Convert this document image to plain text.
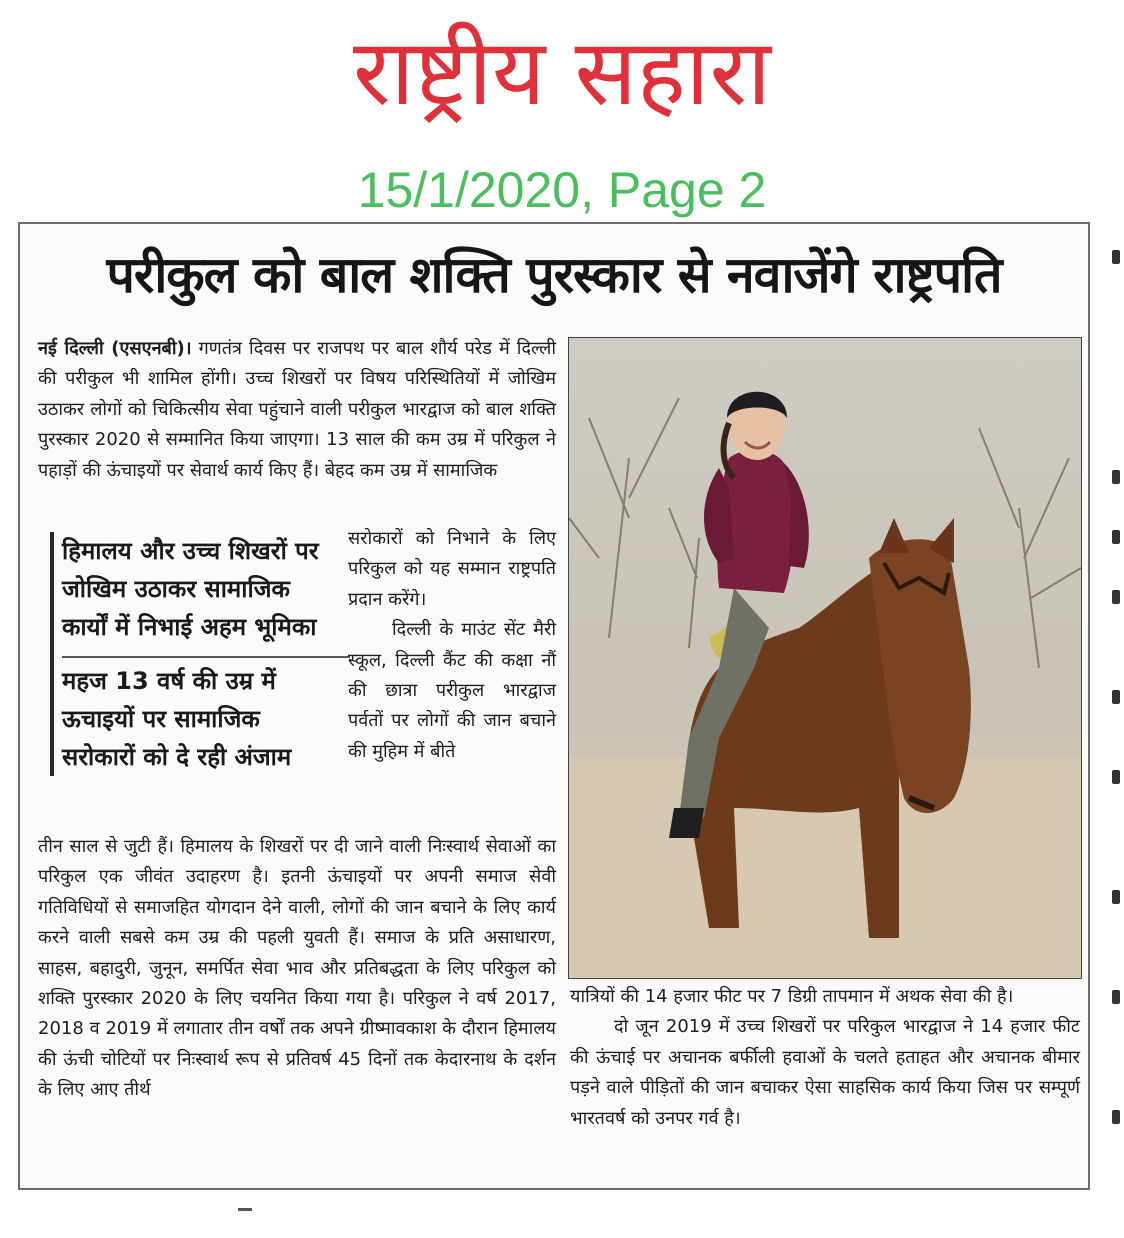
राष्ट्रीय सहारा
15/1/2020, Page 2
परीकुल को बाल शक्ति पुरस्कार से नवाजेंगे राष्ट्रपति

नई दिल्ली (एसएनबी)। गणतंत्र दिवस पर राजपथ पर बाल शौर्य परेड में दिल्ली की परीकुल भी शामिल होंगी। उच्च शिखरों पर विषय परिस्थितियों में जोखिम उठाकर लोगों को चिकित्सीय सेवा पहुंचाने वाली परीकुल भारद्वाज को बाल शक्ति पुरस्कार 2020 से सम्मानित किया जाएगा। 13 साल की कम उम्र में परिकुल ने पहाड़ों की ऊंचाइयों पर सेवार्थ कार्य किए हैं। बेहद कम उम्र में सामाजिक

हिमालय और उच्च शिखरों पर जोखिम उठाकर सामाजिक कार्यों में निभाई अहम भूमिका
महज 13 वर्ष की उम्र में ऊचाइयों पर सामाजिक सरोकारों को दे रही अंजाम

सरोकारों को निभाने के लिए परिकुल को यह सम्मान राष्ट्रपति प्रदान करेंगे।

दिल्ली के माउंट सेंट मैरी स्कूल, दिल्ली कैंट की कक्षा नौं की छात्रा परीकुल भारद्वाज पर्वतों पर लोगों की जान बचाने की मुहिम में बीते

तीन साल से जुटी हैं। हिमालय के शिखरों पर दी जाने वाली निःस्वार्थ सेवाओं का परिकुल एक जीवंत उदाहरण है। इतनी ऊंचाइयों पर अपनी समाज सेवी गतिविधियों से समाजहित योगदान देने वाली, लोगों की जान बचाने के लिए कार्य करने वाली सबसे कम उम्र की पहली युवती हैं। समाज के प्रति असाधारण, साहस, बहादुरी, जुनून, समर्पित सेवा भाव और प्रतिबद्धता के लिए परिकुल को शक्ति पुरस्कार 2020 के लिए चयनित किया गया है। परिकुल ने वर्ष 2017, 2018 व 2019 में लगातार तीन वर्षों तक अपने ग्रीष्मावकाश के दौरान हिमालय की ऊंची चोटियों पर निःस्वार्थ रूप से प्रतिवर्ष 45 दिनों तक केदारनाथ के दर्शन के लिए आए तीर्थ

यात्रियों की 14 हजार फीट पर 7 डिग्री तापमान में अथक सेवा की है।

दो जून 2019 में उच्च शिखरों पर परिकुल भारद्वाज ने 14 हजार फीट की ऊंचाई पर अचानक बर्फीली हवाओं के चलते हताहत और अचानक बीमार पड़ने वाले पीड़ितों की जान बचाकर ऐसा साहसिक कार्य किया जिस पर सम्पूर्ण भारतवर्ष को उनपर गर्व है।
